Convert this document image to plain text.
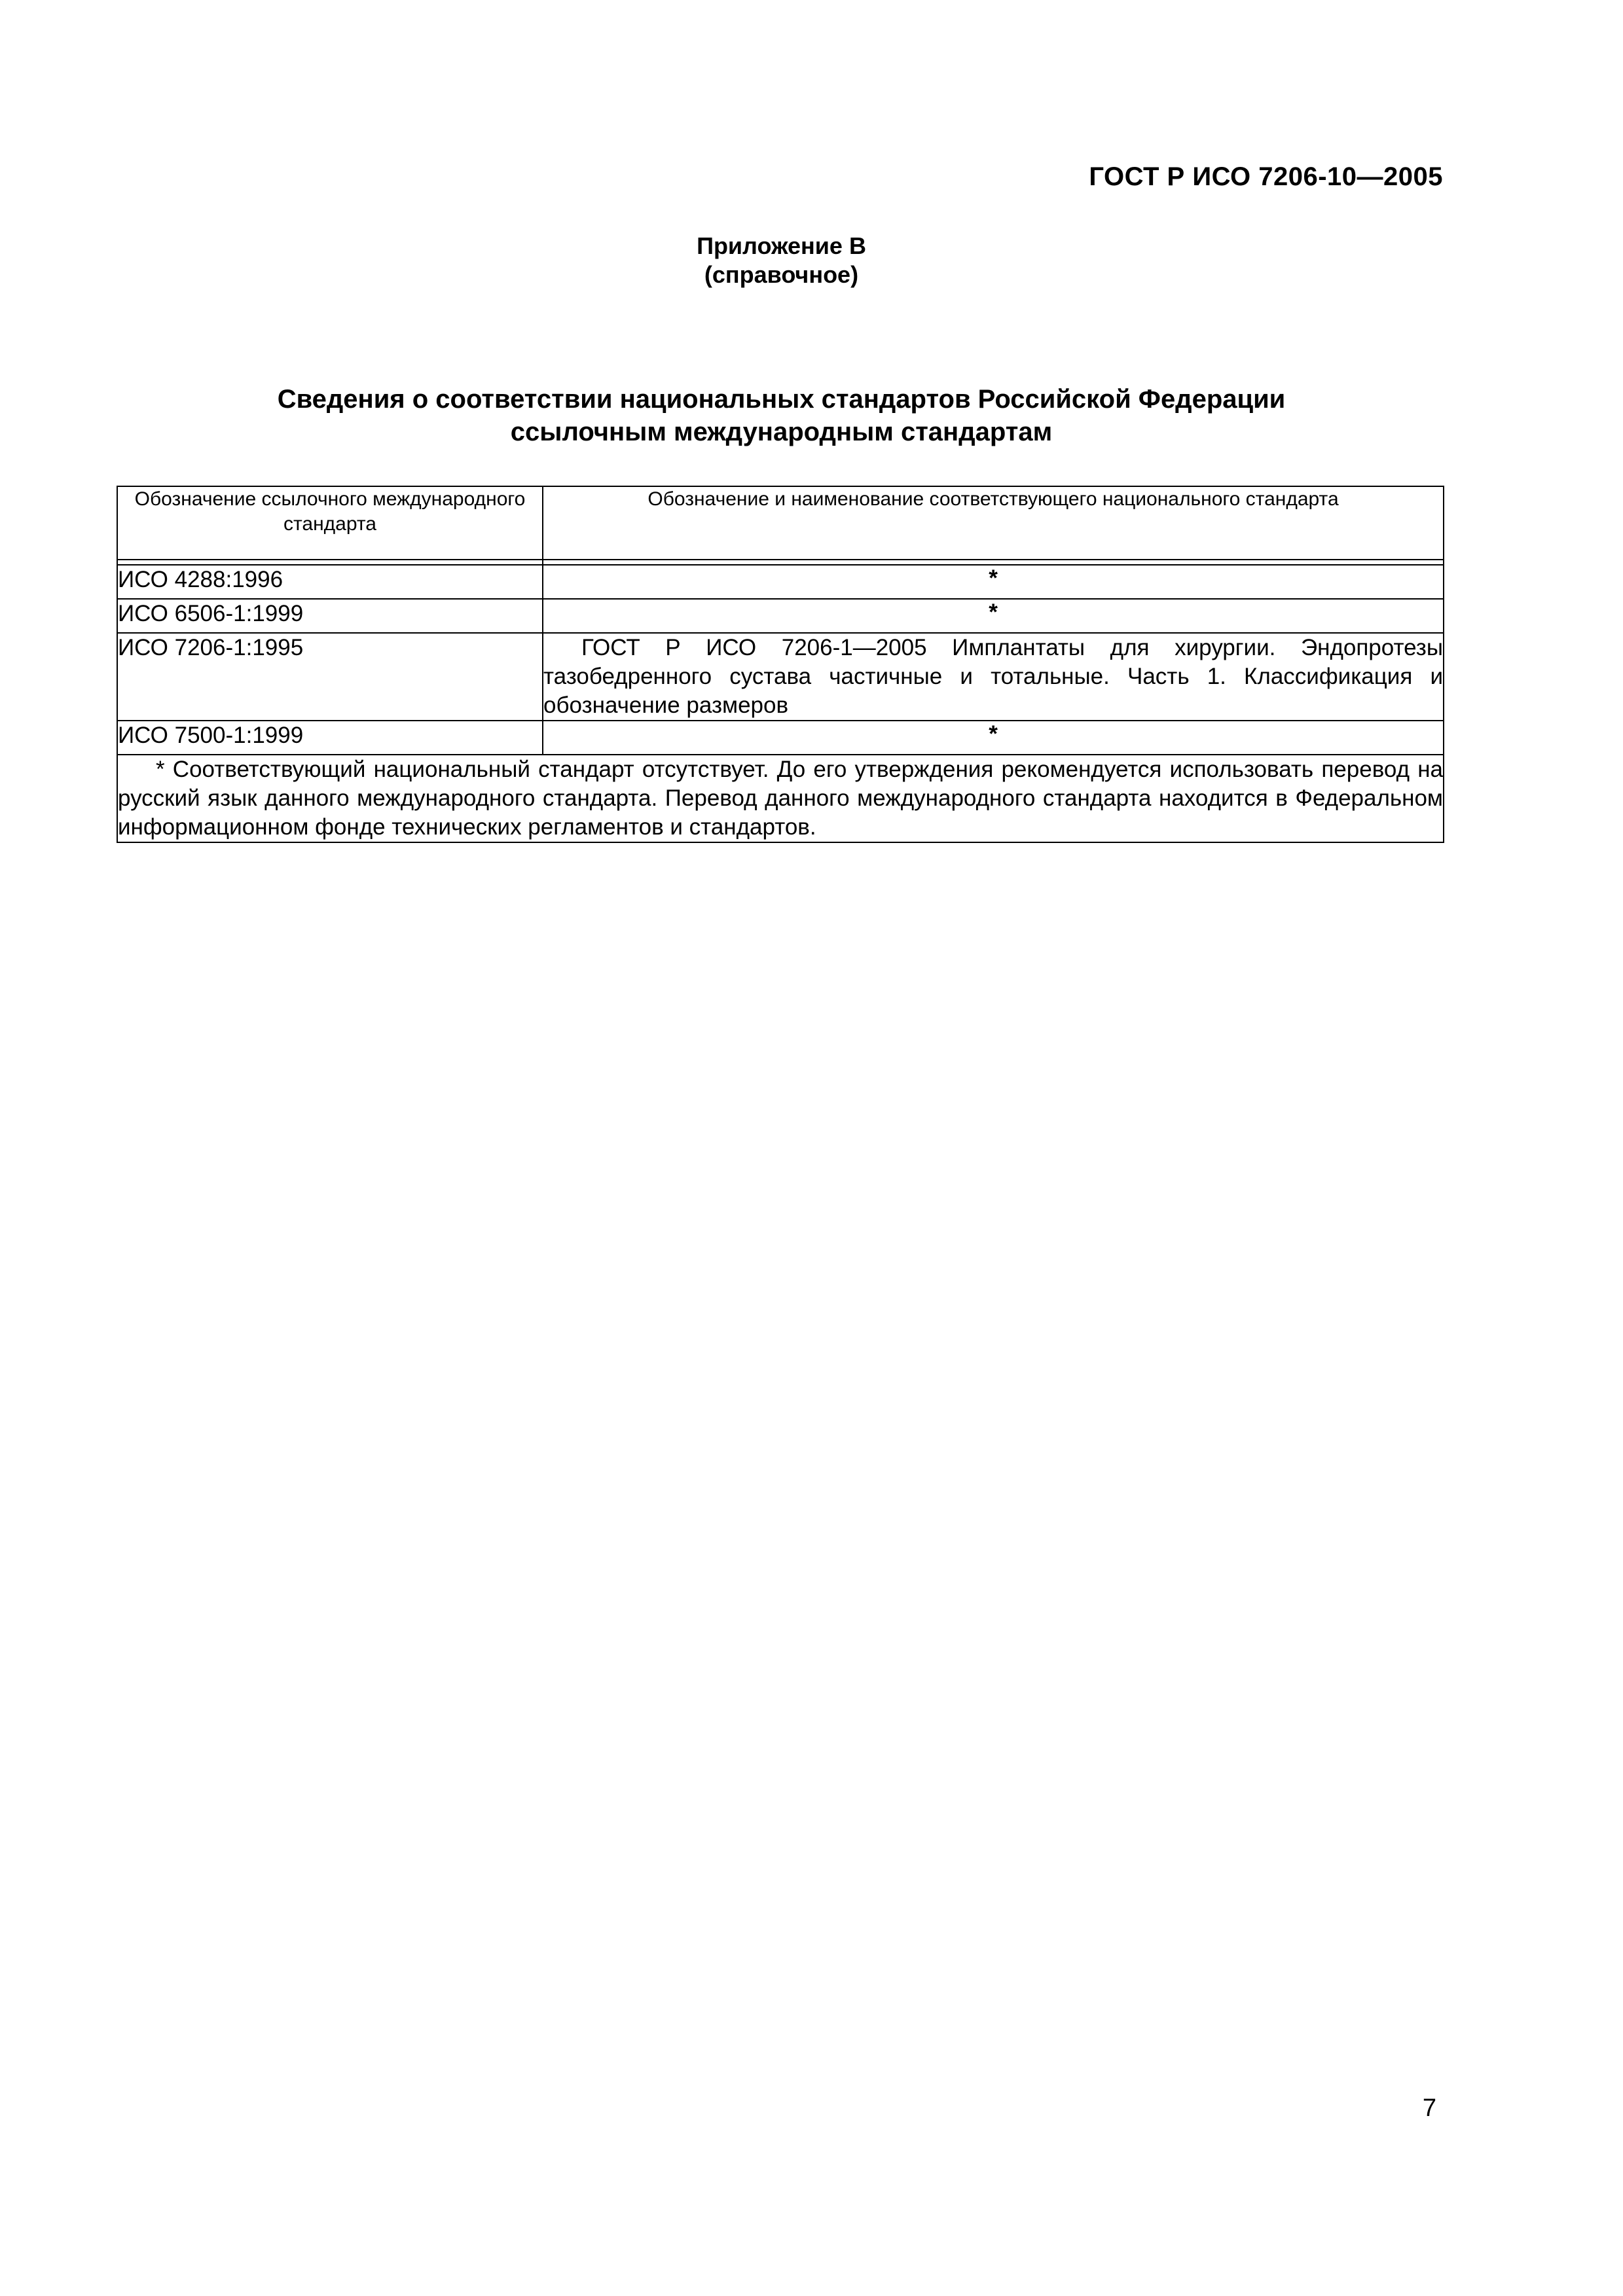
ГОСТ Р ИСО 7206-10—2005
Приложение В
(справочное)
Сведения о соответствии национальных стандартов Российской Федерации
ссылочным международным стандартам
Обозначение ссылочного международного стандарта	Обозначение и наименование соответствующего национального стандарта

ИСО 4288:1996	*
ИСО 6506-1:1999	*
ИСО 7206-1:1995	ГОСТ Р ИСО 7206-1—2005 Имплантаты для хирургии. Эндопротезы тазобедренного сустава частичные и тотальные. Часть 1. Классификация и обозначение размеров

ИСО 7500-1:1999	*
* Соответствующий национальный стандарт отсутствует. До его утверждения рекомендуется использовать перевод на русский язык данного международного стандарта. Перевод данного международного стандарта находится в Федеральном информационном фонде технических регламентов и стандартов.	
7
